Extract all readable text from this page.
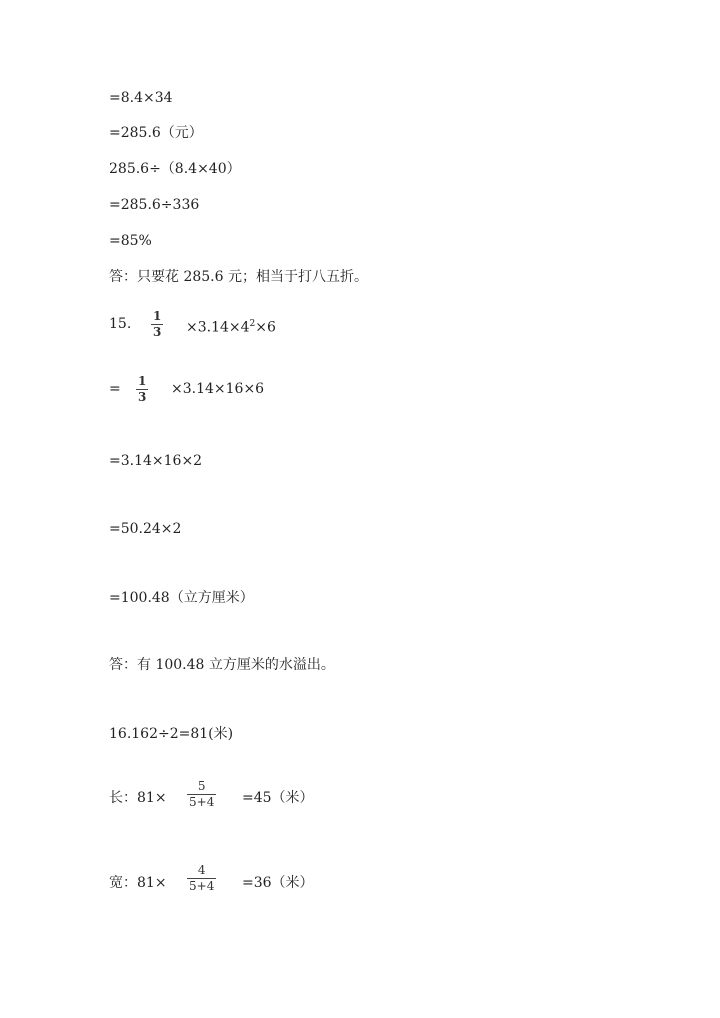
=8.4×34
=285.6（元）
285.6÷（8.4×40）
=285.6÷336
=85%
答：只要花 285.6 元；相当于打八五折。
15. 1
$3 \times 3.14\times 4^2\times 6$
= 1
3 ×3.14×16×6
=3.14×16×2
=50.24×2
=100.48（立方厘米）
答：有 100.48 立方厘米的水溢出。
16.162÷2=81(米)
长：81×
5
5+4 =45（米）
宽：81×
4
5+4 =36（米）
